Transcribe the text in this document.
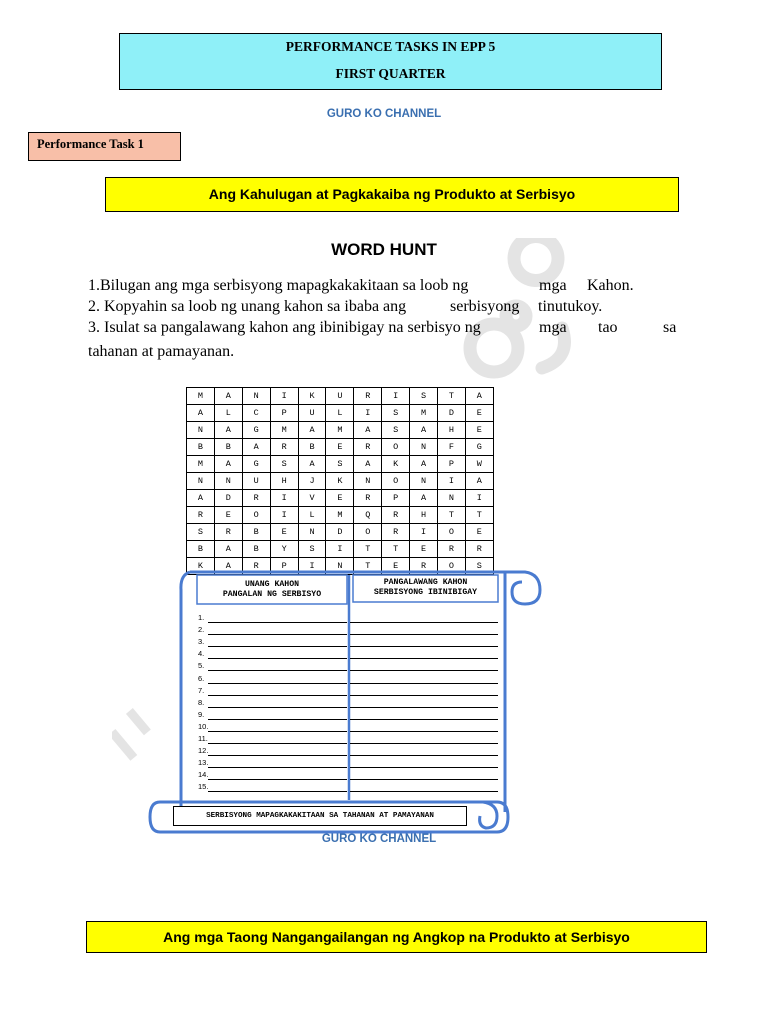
PERFORMANCE TASKS IN EPP 5
FIRST QUARTER
GURO KO CHANNEL
Performance Task 1
Ang Kahulugan at Pagkakaiba ng Produkto at Serbisyo
WORD HUNT
1.Bilugan ang mga serbisyong mapagkakakitaan sa loob ng	mga Kahon.
2. Kopyahin sa loob ng unang kahon sa ibaba ang	serbisyong tinutukoy.
3. Isulat sa pangalawang kahon ang ibinibigay na serbisyo ng	mga tao	sa
tahanan at pamayanan.
M	A	N	I	K	U	R	I	S	T	A
A	L	C	P	U	L	I	S	M	D	E
N	A	G	M	A	M	A	S	A	H	E
B	B	A	R	B	E	R	O	N	F	G
M	A	G	S	A	S	A	K	A	P	W
N	N	U	H	J	K	N	O	N	I	A
A	D	R	I	V	E	R	P	A	N	I
R	E	O	I	L	M	Q	R	H	T	T
S	R	B	E	N	D	O	R	I	O	E
B	A	B	Y	S	I	T	T	E	R	R
K	A	R	P	I	N	T	E	R	O	S
UNANG KAHON
PANGALAN NG SERBISYO
PANGALAWANG KAHON
SERBISYONG IBINIBIGAY
1.
2.
3.
4.
5.
6.
7.
8.
9.
10.
11.
12.
13.
14.
15.
SERBISYONG MAPAGKAKAKITAAN SA TAHANAN AT PAMAYANAN
GURO KO CHANNEL
Ang mga Taong Nangangailangan ng Angkop na Produkto at Serbisyo
